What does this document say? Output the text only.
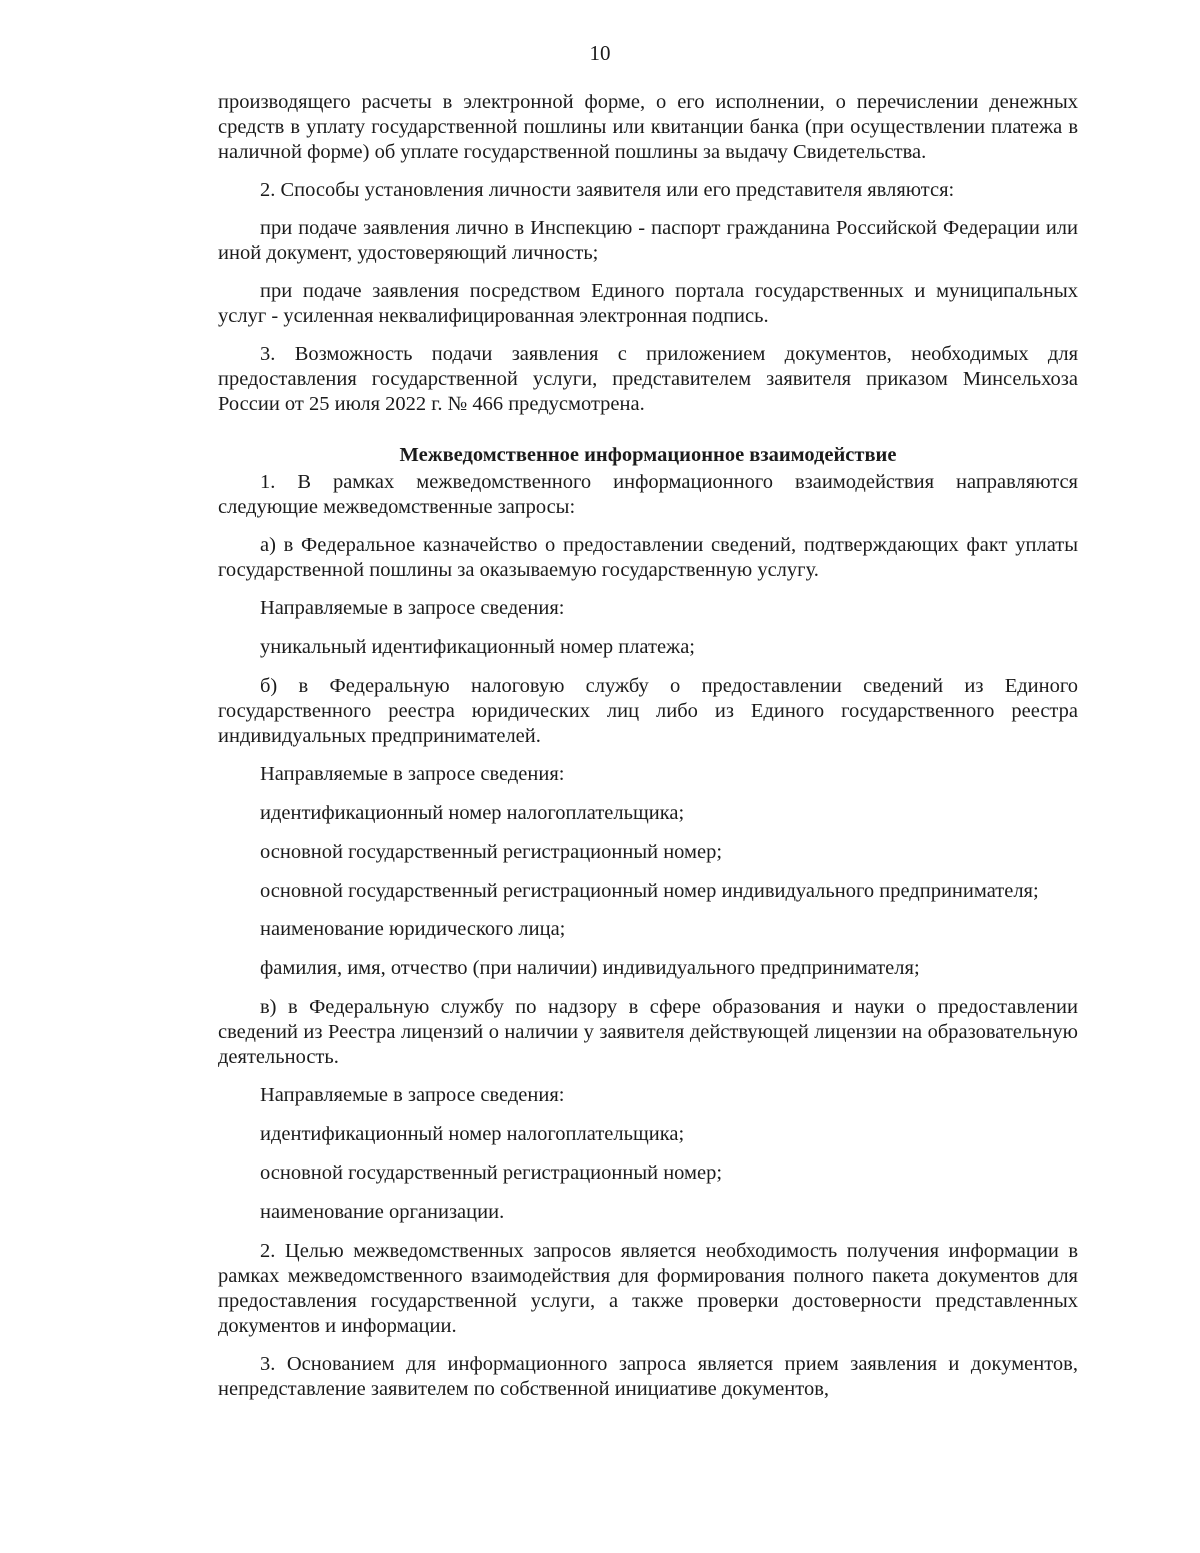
10

производящего расчеты в электронной форме, о его исполнении, о перечислении денежных средств в уплату государственной пошлины или квитанции банка (при осуществлении платежа в наличной форме) об уплате государственной пошлины за выдачу Свидетельства.

2. Способы установления личности заявителя или его представителя являются:

при подаче заявления лично в Инспекцию - паспорт гражданина Российской Федерации или иной документ, удостоверяющий личность;

при подаче заявления посредством Единого портала государственных и муниципальных услуг - усиленная неквалифицированная электронная подпись.

3. Возможность подачи заявления с приложением документов, необходимых для предоставления государственной услуги, представителем заявителя приказом Минсельхоза России от 25 июля 2022 г. № 466 предусмотрена.

Межведомственное информационное взаимодействие

1. В рамках межведомственного информационного взаимодействия направляются следующие межведомственные запросы:

а) в Федеральное казначейство о предоставлении сведений, подтверждающих факт уплаты государственной пошлины за оказываемую государственную услугу.

Направляемые в запросе сведения:

уникальный идентификационный номер платежа;

б) в Федеральную налоговую службу о предоставлении сведений из Единого государственного реестра юридических лиц либо из Единого государственного реестра индивидуальных предпринимателей.

Направляемые в запросе сведения:

идентификационный номер налогоплательщика;

основной государственный регистрационный номер;

основной государственный регистрационный номер индивидуального предпринимателя;

наименование юридического лица;

фамилия, имя, отчество (при наличии) индивидуального предпринимателя;

в) в Федеральную службу по надзору в сфере образования и науки о предоставлении сведений из Реестра лицензий о наличии у заявителя действующей лицензии на образовательную деятельность.

Направляемые в запросе сведения:

идентификационный номер налогоплательщика;

основной государственный регистрационный номер;

наименование организации.

2. Целью межведомственных запросов является необходимость получения информации в рамках межведомственного взаимодействия для формирования полного пакета документов для предоставления государственной услуги, а также проверки достоверности представленных документов и информации.

3. Основанием для информационного запроса является прием заявления и документов, непредставление заявителем по собственной инициативе документов,
